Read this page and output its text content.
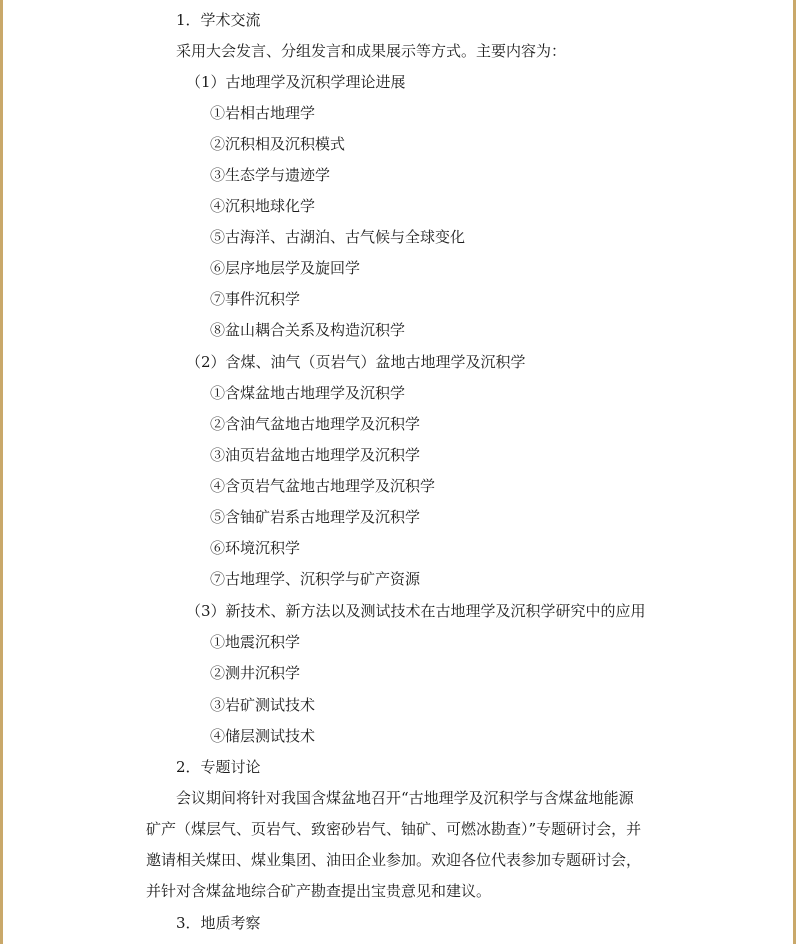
1．学术交流
采用大会发言、分组发言和成果展示等方式。主要内容为：
（1）古地理学及沉积学理论进展
①岩相古地理学
②沉积相及沉积模式
③生态学与遗迹学
④沉积地球化学
⑤古海洋、古湖泊、古气候与全球变化
⑥层序地层学及旋回学
⑦事件沉积学
⑧盆山耦合关系及构造沉积学
（2）含煤、油气（页岩气）盆地古地理学及沉积学
①含煤盆地古地理学及沉积学
②含油气盆地古地理学及沉积学
③油页岩盆地古地理学及沉积学
④含页岩气盆地古地理学及沉积学
⑤含铀矿岩系古地理学及沉积学
⑥环境沉积学
⑦古地理学、沉积学与矿产资源
（3）新技术、新方法以及测试技术在古地理学及沉积学研究中的应用
①地震沉积学
②测井沉积学
③岩矿测试技术
④储层测试技术
2．专题讨论
会议期间将针对我国含煤盆地召开“古地理学及沉积学与含煤盆地能源
矿产（煤层气、页岩气、致密砂岩气、铀矿、可燃冰勘查）”专题研讨会，并
邀请相关煤田、煤业集团、油田企业参加。欢迎各位代表参加专题研讨会，
并针对含煤盆地综合矿产勘查提出宝贵意见和建议。
3．地质考察
